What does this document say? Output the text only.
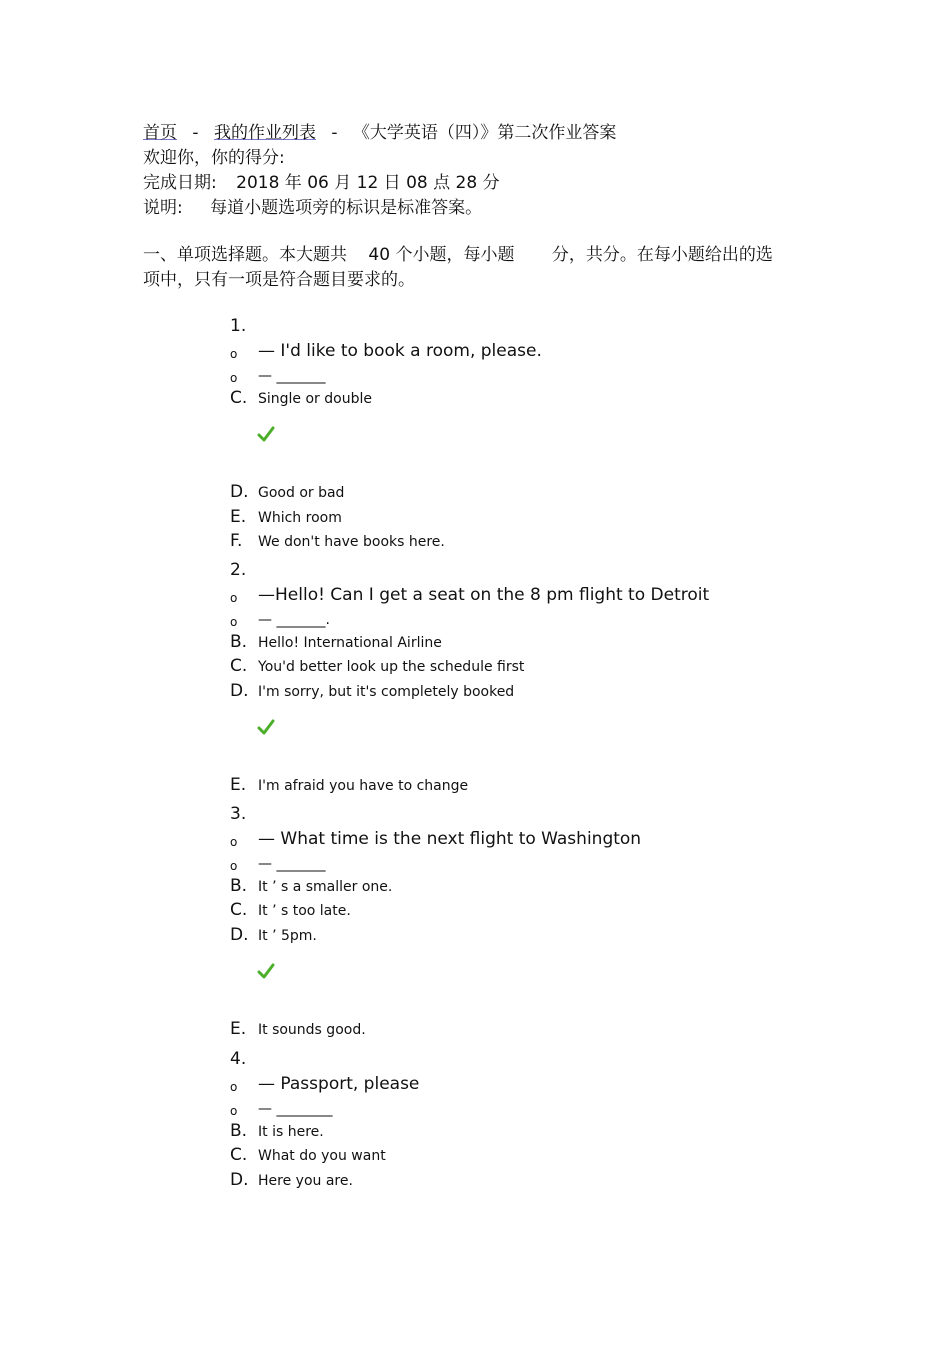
首页 - 我的作业列表 - 《大学英语（四）》第二次作业答案
欢迎你，你的得分:
完成日期: 2018 年 06 月 12 日 08 点 28 分
说明: 每道小题选项旁的标识是标准答案。
一、单项选择题。本大题共 40 个小题，每小题 分，共分。在每小题给出的选
项中，只有一项是符合题目要求的。
1.
o — I'd like to book a room, please.
o — _______
C. Single or double
D. Good or bad
E. Which room
F. We don't have books here.
2.
o —Hello! Can I get a seat on the 8 pm flight to Detroit
o — _______.
B. Hello! International Airline
C. You'd better look up the schedule first
D. I'm sorry, but it's completely booked
E. I'm afraid you have to change
3.
o — What time is the next flight to Washington
o — _______
B. It ’ s a smaller one.
C. It ’ s too late.
D. It ’ 5pm.
E. It sounds good.
4.
o — Passport, please
o — ________
B. It is here.
C. What do you want
D. Here you are.
